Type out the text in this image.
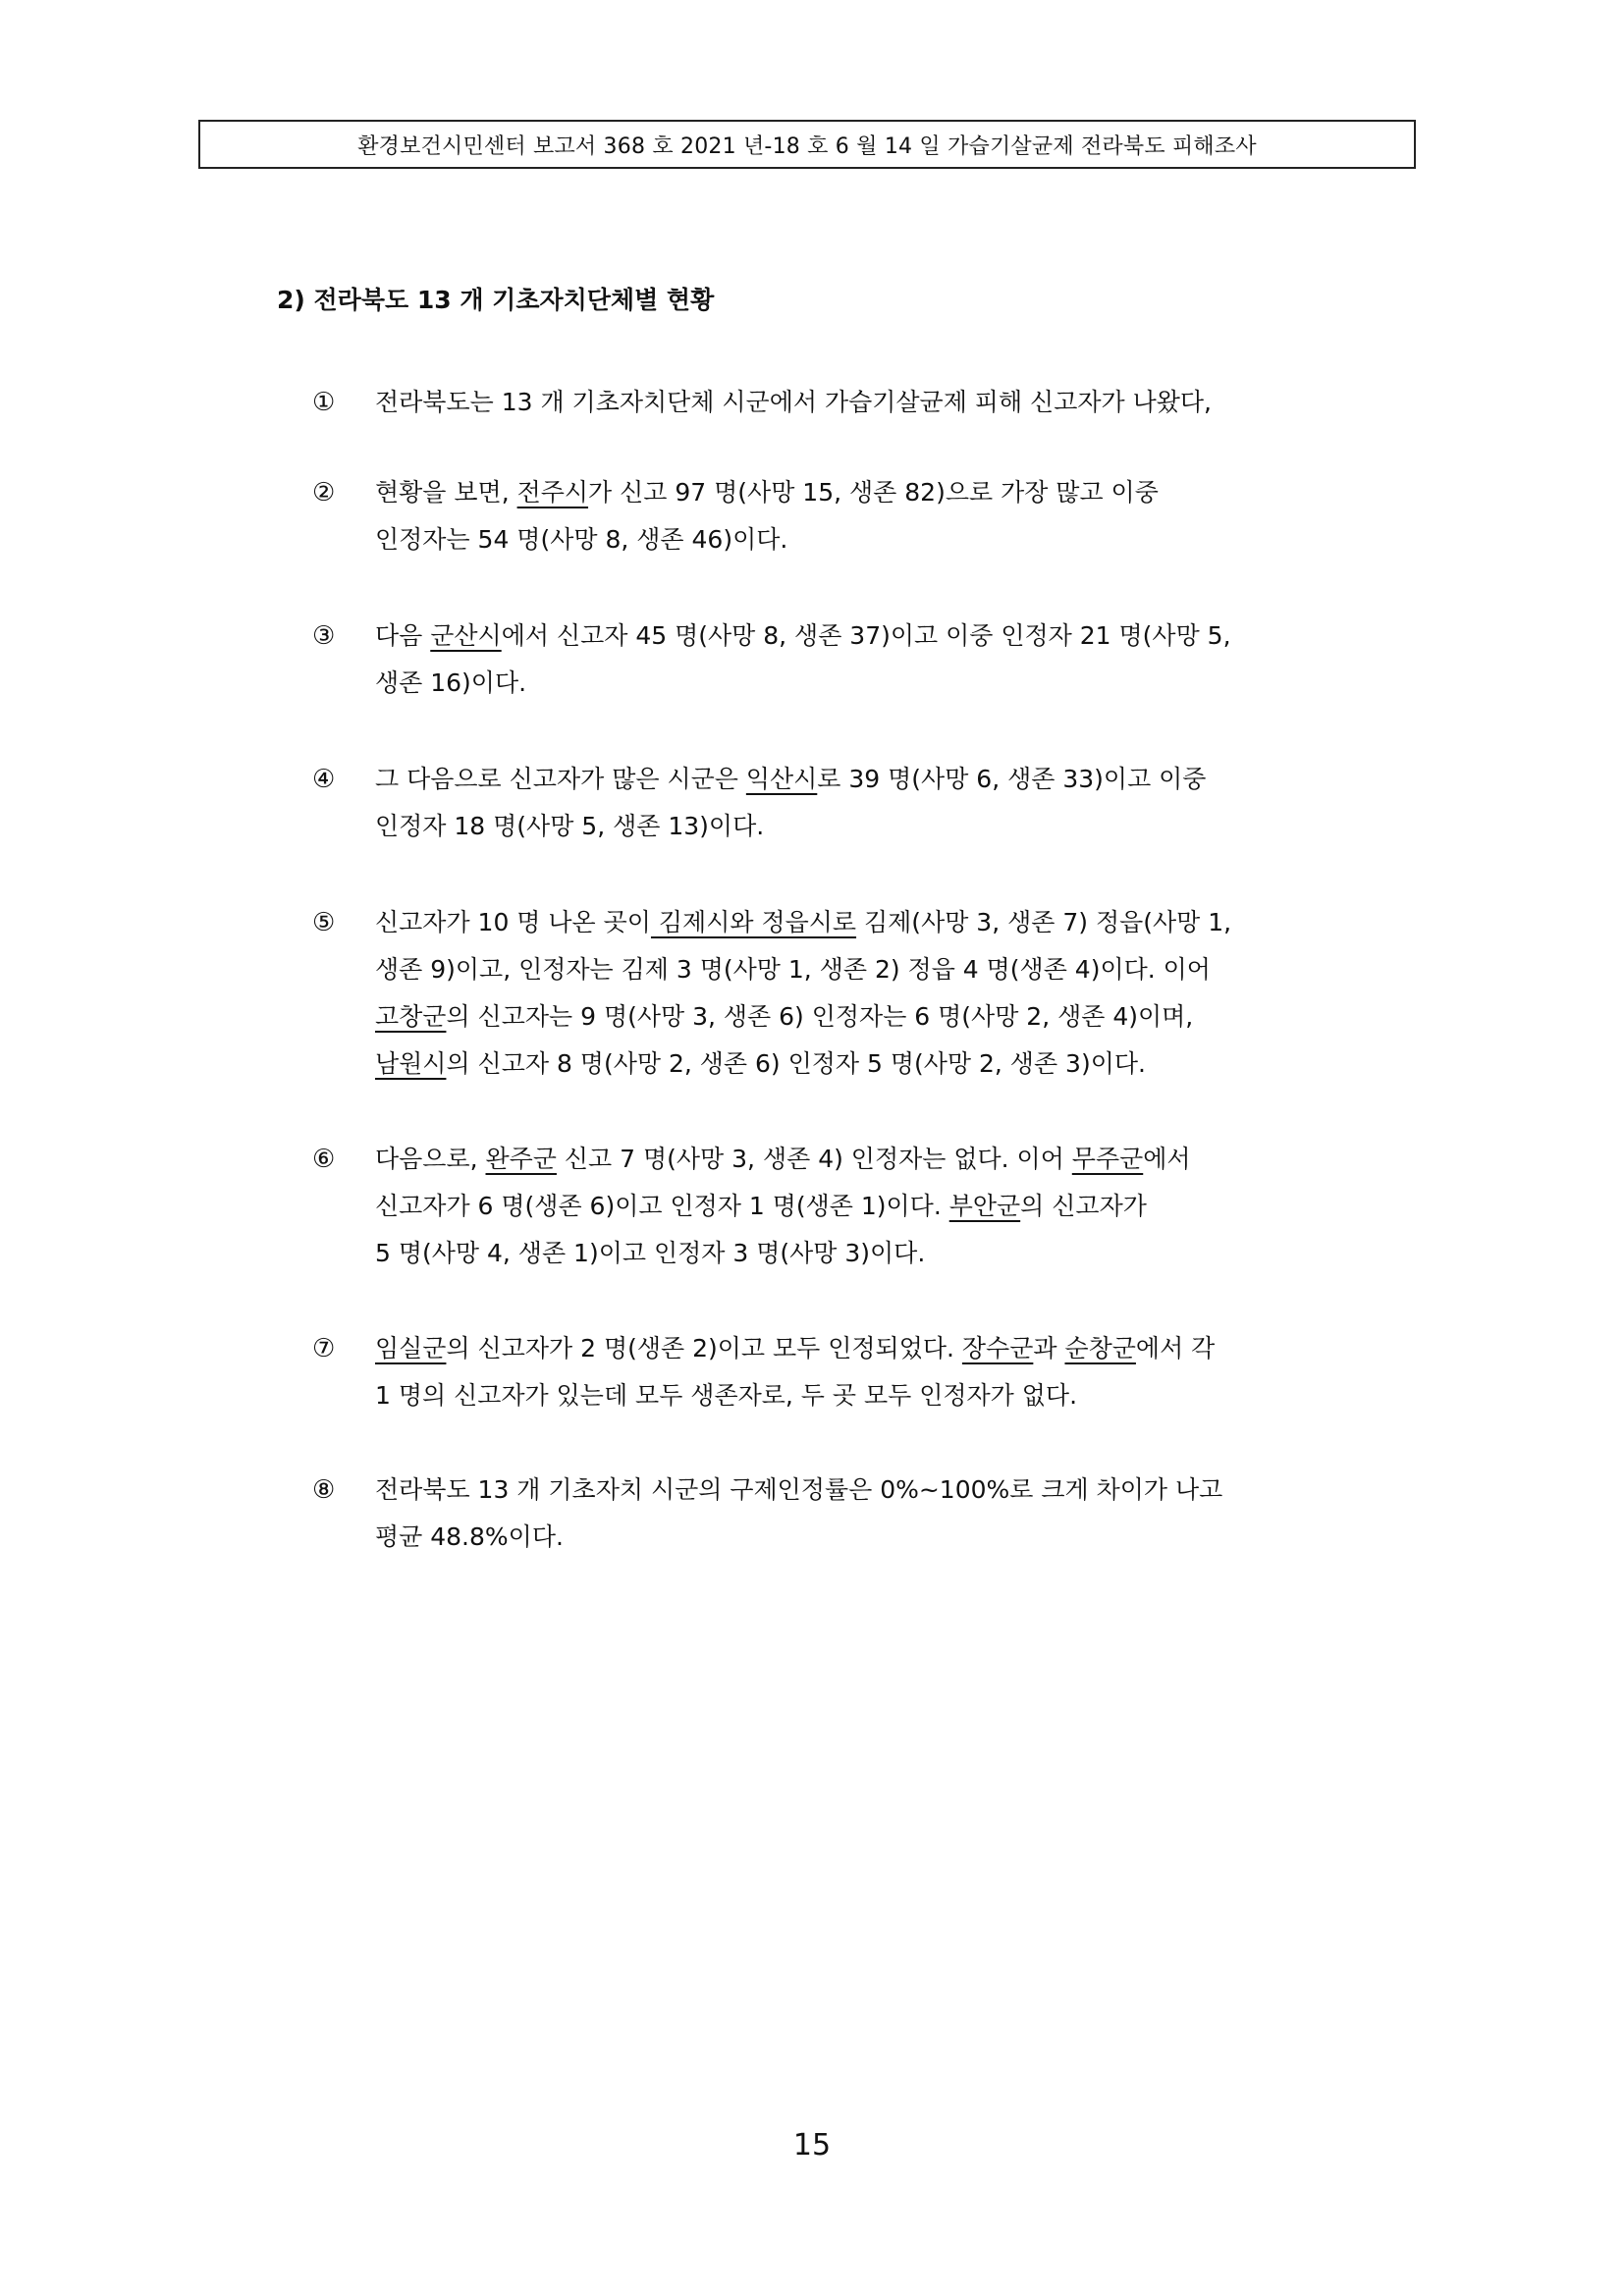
환경보건시민센터 보고서 368 호 2021 년-18 호 6 월 14 일 가습기살균제 전라북도 피해조사
2) 전라북도 13 개 기초자치단체별 현황
①	전라북도는 13 개 기초자치단체 시군에서 가습기살균제 피해 신고자가 나왔다,
②	현황을 보면, 전주시가 신고 97 명(사망 15, 생존 82)으로 가장 많고 이중
인정자는 54 명(사망 8, 생존 46)이다.
③	다음 군산시에서 신고자 45 명(사망 8, 생존 37)이고 이중 인정자 21 명(사망 5,
생존 16)이다.
④	그 다음으로 신고자가 많은 시군은 익산시로 39 명(사망 6, 생존 33)이고 이중
인정자 18 명(사망 5, 생존 13)이다.
⑤	신고자가 10 명 나온 곳이 김제시와 정읍시로 김제(사망 3, 생존 7) 정읍(사망 1,
생존 9)이고, 인정자는 김제 3 명(사망 1, 생존 2) 정읍 4 명(생존 4)이다. 이어
고창군의 신고자는 9 명(사망 3, 생존 6) 인정자는 6 명(사망 2, 생존 4)이며,
남원시의 신고자 8 명(사망 2, 생존 6) 인정자 5 명(사망 2, 생존 3)이다.
⑥	다음으로, 완주군 신고 7 명(사망 3, 생존 4) 인정자는 없다. 이어 무주군에서
신고자가 6 명(생존 6)이고 인정자 1 명(생존 1)이다. 부안군의 신고자가
5 명(사망 4, 생존 1)이고 인정자 3 명(사망 3)이다.
⑦	임실군의 신고자가 2 명(생존 2)이고 모두 인정되었다. 장수군과 순창군에서 각
1 명의 신고자가 있는데 모두 생존자로, 두 곳 모두 인정자가 없다.
⑧	전라북도 13 개 기초자치 시군의 구제인정률은 0%~100%로 크게 차이가 나고
평균 48.8%이다.
15
